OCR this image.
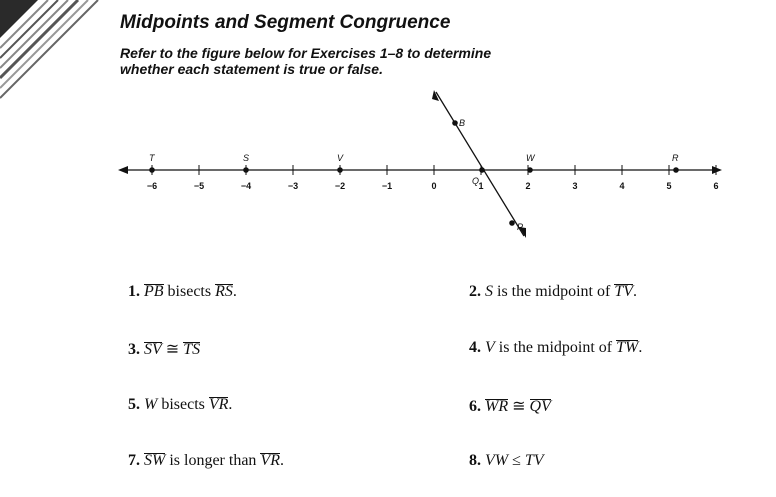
Midpoints and Segment Congruence
Refer to the figure below for Exercises 1–8 to determine
whether each statement is true or false.
−6	−5	−4	−3	−2	−1	0	1	2	3	4	5	6
T	S	V	W	R
Q
B
P
1. PB bisects RS.	2. S is the midpoint of TV.
3. SV ≅ TS	4. V is the midpoint of TW.
5. W bisects VR.	6. WR ≅ QV
7. SW is longer than VR.	8. VW ≤ TV
